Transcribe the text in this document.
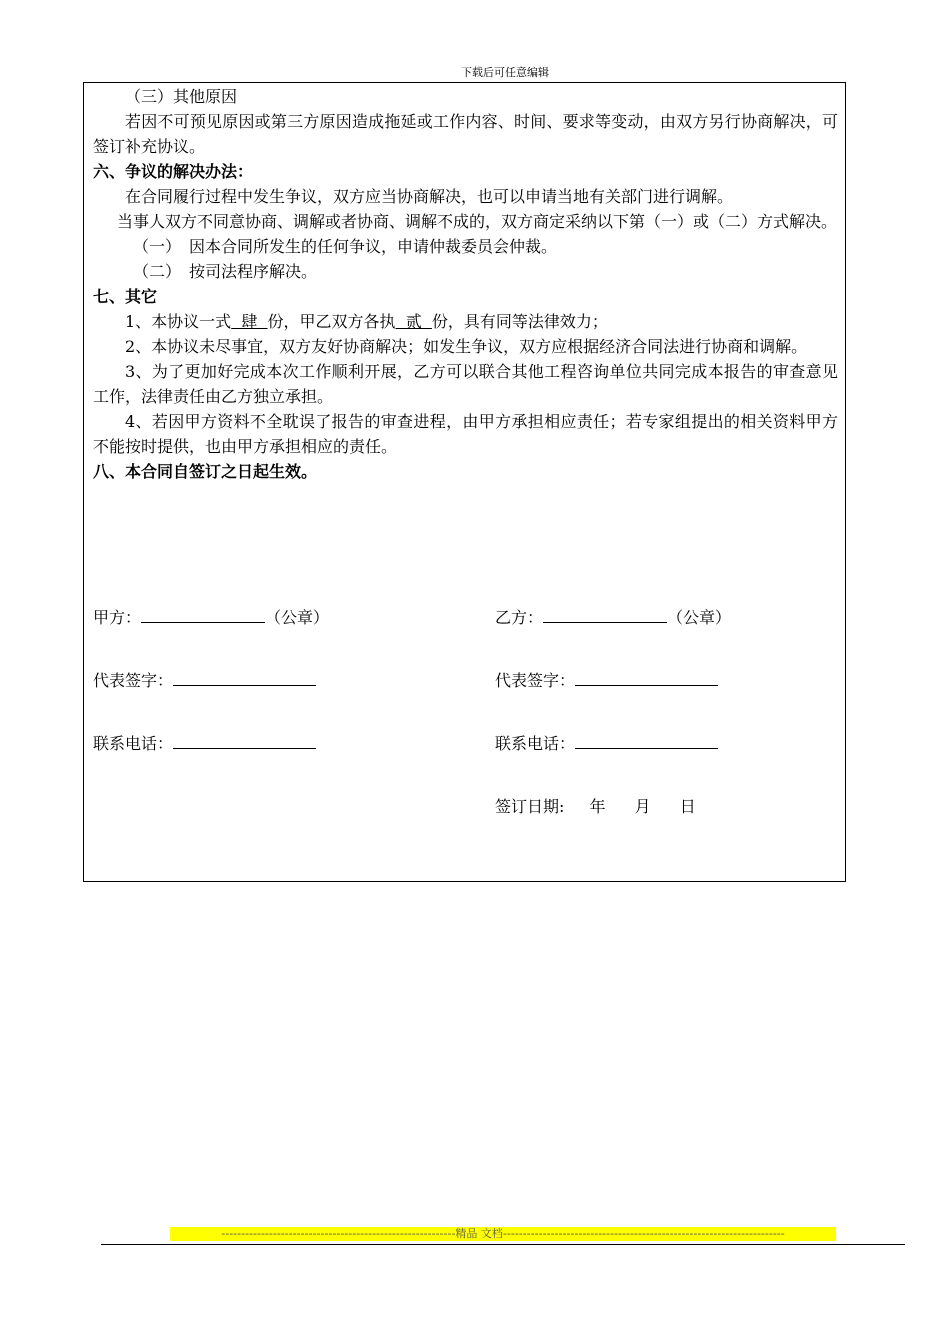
下载后可任意编辑

（三）其他原因

若因不可预见原因或第三方原因造成拖延或工作内容、时间、要求等变动，由双方另行协商解决，可签订补充协议。

六、争议的解决办法：

在合同履行过程中发生争议，双方应当协商解决，也可以申请当地有关部门进行调解。

当事人双方不同意协商、调解或者协商、调解不成的，双方商定采纳以下第（一）或（二）方式解决。

（一）　因本合同所发生的任何争议，申请仲裁委员会仲裁。

（二）　按司法程序解决。

七、其它

1、本协议一式  肆  份，甲乙双方各执  贰  份，具有同等法律效力；

2、本协议未尽事宜，双方友好协商解决；如发生争议，双方应根据经济合同法进行协商和调解。

3、为了更加好完成本次工作顺利开展，乙方可以联合其他工程咨询单位共同完成本报告的审查意见工作，法律责任由乙方独立承担。

4、若因甲方资料不全耽误了报告的审查进程，由甲方承担相应责任；若专家组提出的相关资料甲方不能按时提供，也由甲方承担相应的责任。

八、本合同自签订之日起生效。

甲方：	（公章）	乙方：	（公章）
代表签字：	代表签字：
联系电话：	联系电话：
签订日期: 年 月 日
-----------------------------------------------------------精品 文档-----------------------------------------------------------------------
